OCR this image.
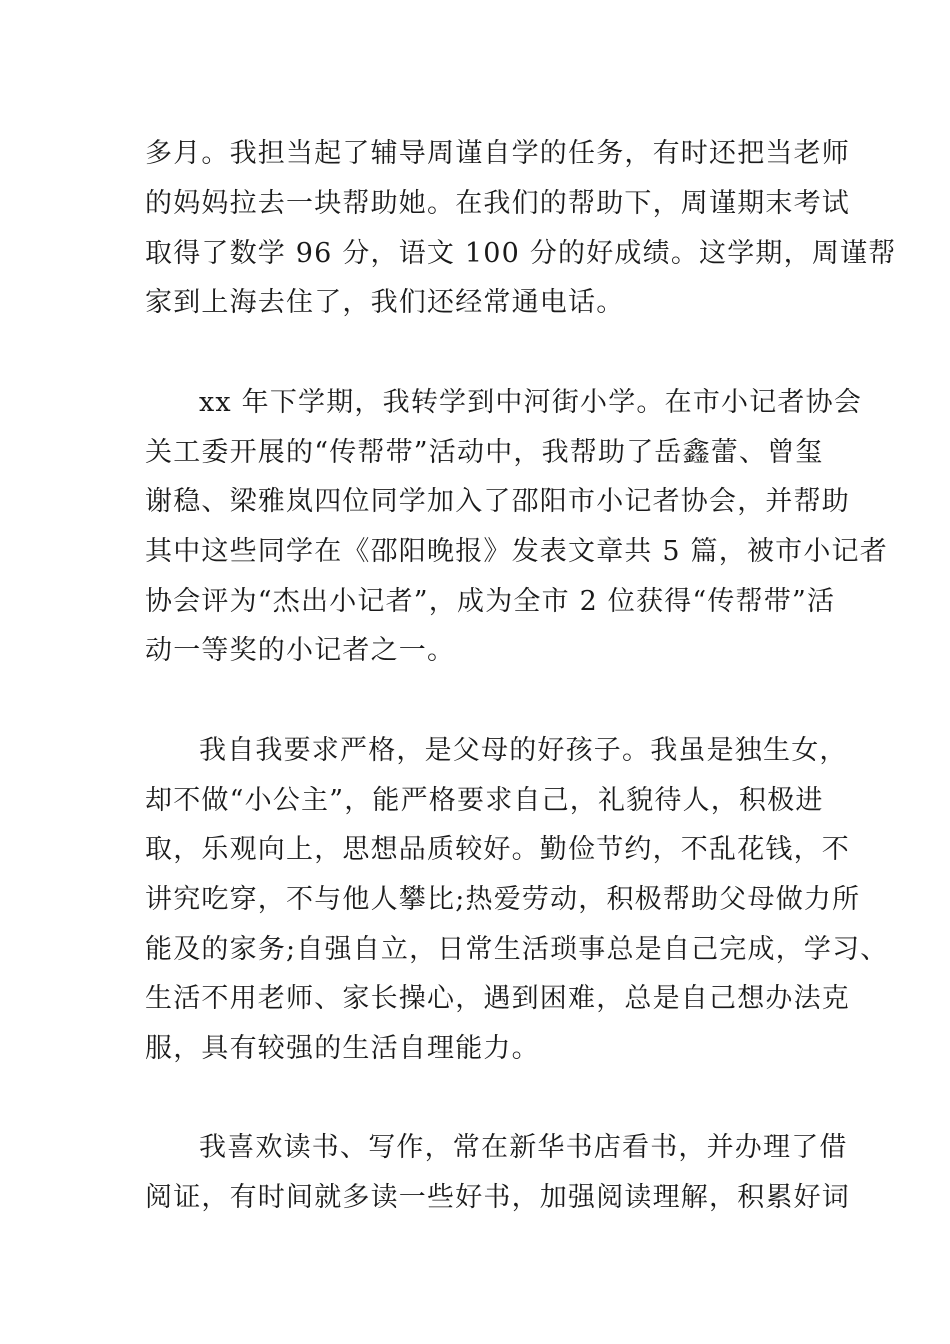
多月。我担当起了辅导周谨自学的任务，有时还把当老师
的妈妈拉去一块帮助她。在我们的帮助下，周谨期末考试
取得了数学 96 分，语文 100 分的好成绩。这学期，周谨帮
家到上海去住了，我们还经常通电话。
xx 年下学期，我转学到中河街小学。在市小记者协会
关工委开展的“传帮带”活动中，我帮助了岳鑫蕾、曾玺
谢稳、梁雅岚四位同学加入了邵阳市小记者协会，并帮助
其中这些同学在《邵阳晚报》发表文章共 5 篇，被市小记者
协会评为“杰出小记者”，成为全市 2 位获得“传帮带”活
动一等奖的小记者之一。
我自我要求严格，是父母的好孩子。我虽是独生女，
却不做“小公主”，能严格要求自己，礼貌待人，积极进
取，乐观向上，思想品质较好。勤俭节约，不乱花钱，不
讲究吃穿，不与他人攀比;热爱劳动，积极帮助父母做力所
能及的家务;自强自立，日常生活琐事总是自己完成，学习、
生活不用老师、家长操心，遇到困难，总是自己想办法克
服，具有较强的生活自理能力。
我喜欢读书、写作，常在新华书店看书，并办理了借
阅证，有时间就多读一些好书，加强阅读理解，积累好词
